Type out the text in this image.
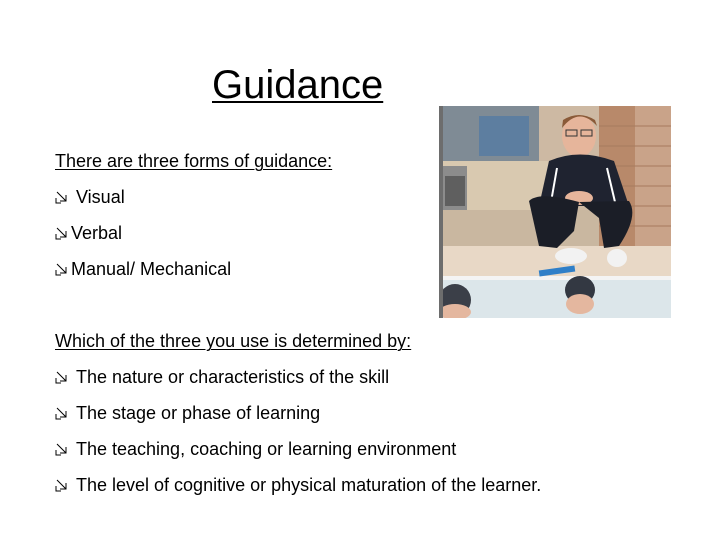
Guidance
There are three forms of guidance:
Visual
Verbal
Manual/ Mechanical
Which of the three you use is determined by:
The nature or characteristics of the skill
The stage or phase of learning
The teaching, coaching or learning environment
The level of cognitive or physical maturation of the learner.
